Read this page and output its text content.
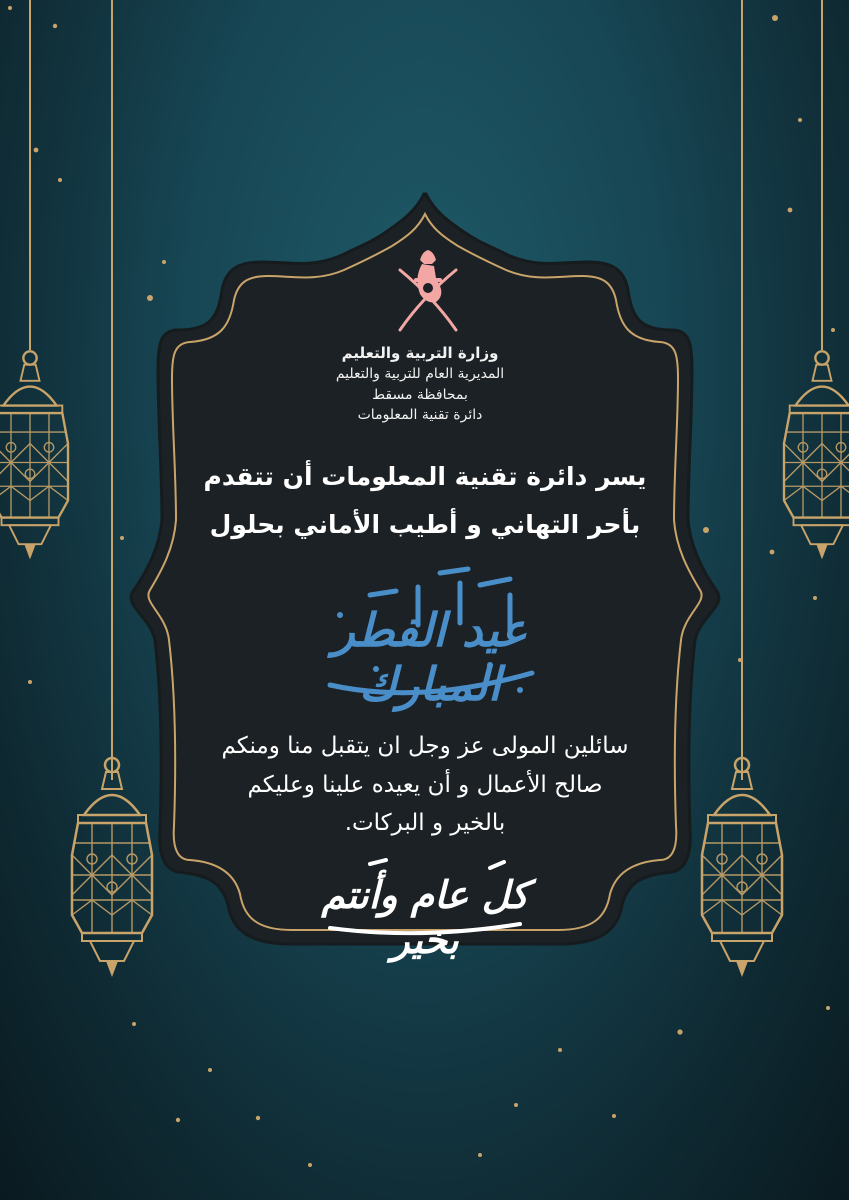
وزارة التربية والتعليم
المديرية العام للتربية والتعليم
بمحافظة مسقط
دائرة تقنية المعلومات
يسر دائرة تقنية المعلومات أن تتقدم
بأحر التهاني و أطيب الأماني بحلول
عيد الفطر المبارك
سائلين المولى عز وجل ان يتقبل منا ومنكم
صالح الأعمال و أن يعيده علينا وعليكم
بالخير و البركات.
كل عام وأنتم بخير
